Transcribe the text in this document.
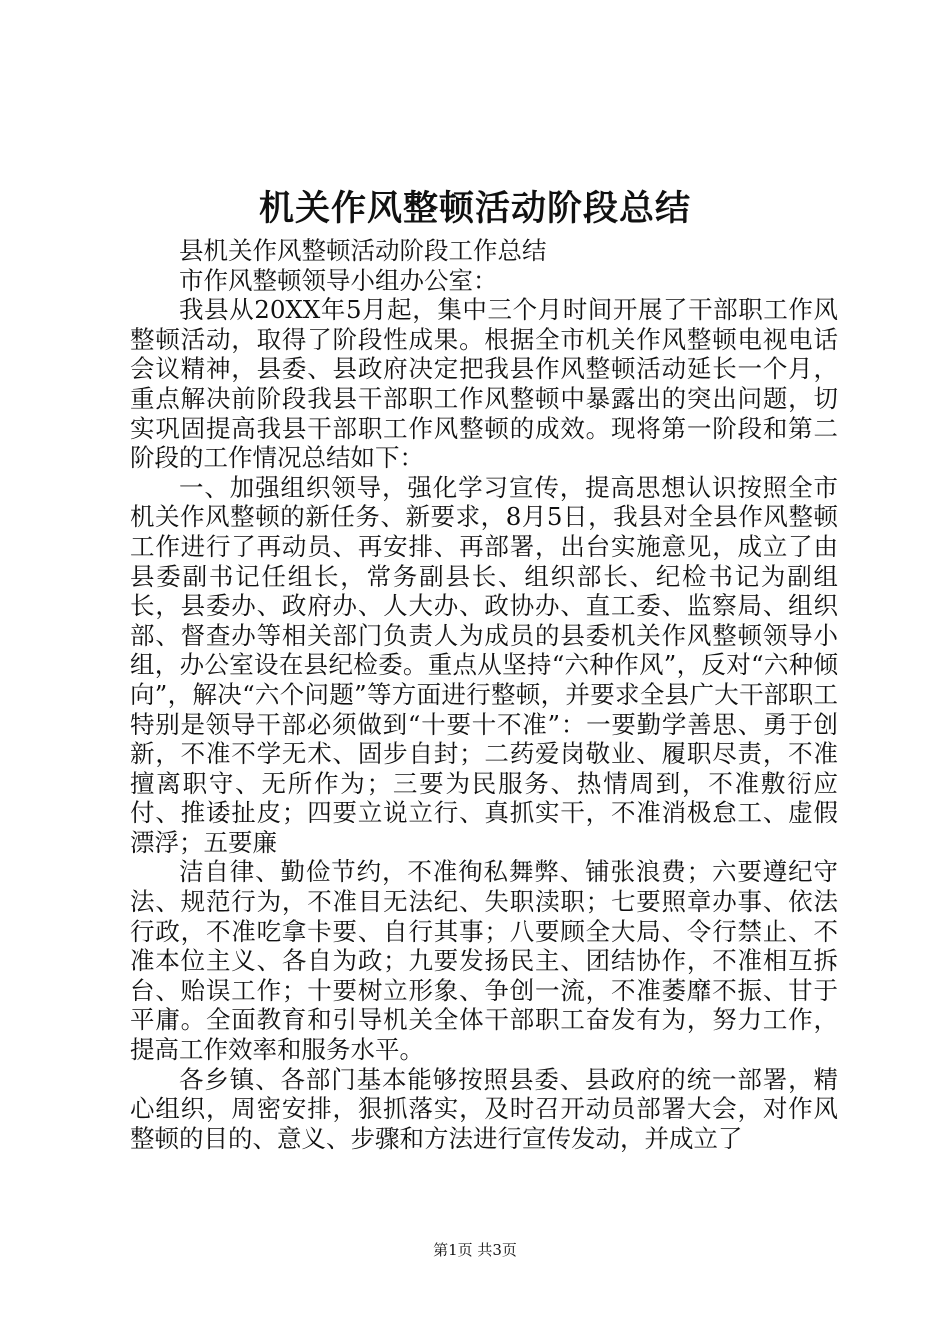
机关作风整顿活动阶段总结

县机关作风整顿活动阶段工作总结

市作风整顿领导小组办公室：

我县从20XX年5月起，集中三个月时间开展了干部职工作风整顿活动，取得了阶段性成果。根据全市机关作风整顿电视电话会议精神，县委、县政府决定把我县作风整顿活动延长一个月，重点解决前阶段我县干部职工作风整顿中暴露出的突出问题，切实巩固提高我县干部职工作风整顿的成效。现将第一阶段和第二阶段的工作情况总结如下：

一、加强组织领导，强化学习宣传，提高思想认识按照全市机关作风整顿的新任务、新要求，8月5日，我县对全县作风整顿工作进行了再动员、再安排、再部署，出台实施意见，成立了由县委副书记任组长，常务副县长、组织部长、纪检书记为副组长，县委办、政府办、人大办、政协办、直工委、监察局、组织部、督查办等相关部门负责人为成员的县委机关作风整顿领导小组，办公室设在县纪检委。重点从坚持“六种作风”，反对“六种倾向”，解决“六个问题”等方面进行整顿，并要求全县广大干部职工特别是领导干部必须做到“十要十不准”：一要勤学善思、勇于创新，不准不学无术、固步自封；二药爱岗敬业、履职尽责，不准擅离职守、无所作为；三要为民服务、热情周到，不准敷衍应付、推诿扯皮；四要立说立行、真抓实干，不准消极怠工、虚假漂浮；五要廉

洁自律、勤俭节约，不准徇私舞弊、铺张浪费；六要遵纪守法、规范行为，不准目无法纪、失职渎职；七要照章办事、依法行政，不准吃拿卡要、自行其事；八要顾全大局、令行禁止、不准本位主义、各自为政；九要发扬民主、团结协作，不准相互拆台、贻误工作；十要树立形象、争创一流，不准萎靡不振、甘于平庸。全面教育和引导机关全体干部职工奋发有为，努力工作，提高工作效率和服务水平。

各乡镇、各部门基本能够按照县委、县政府的统一部署，精心组织，周密安排，狠抓落实，及时召开动员部署大会，对作风整顿的目的、意义、步骤和方法进行宣传发动，并成立了

第1页 共3页
